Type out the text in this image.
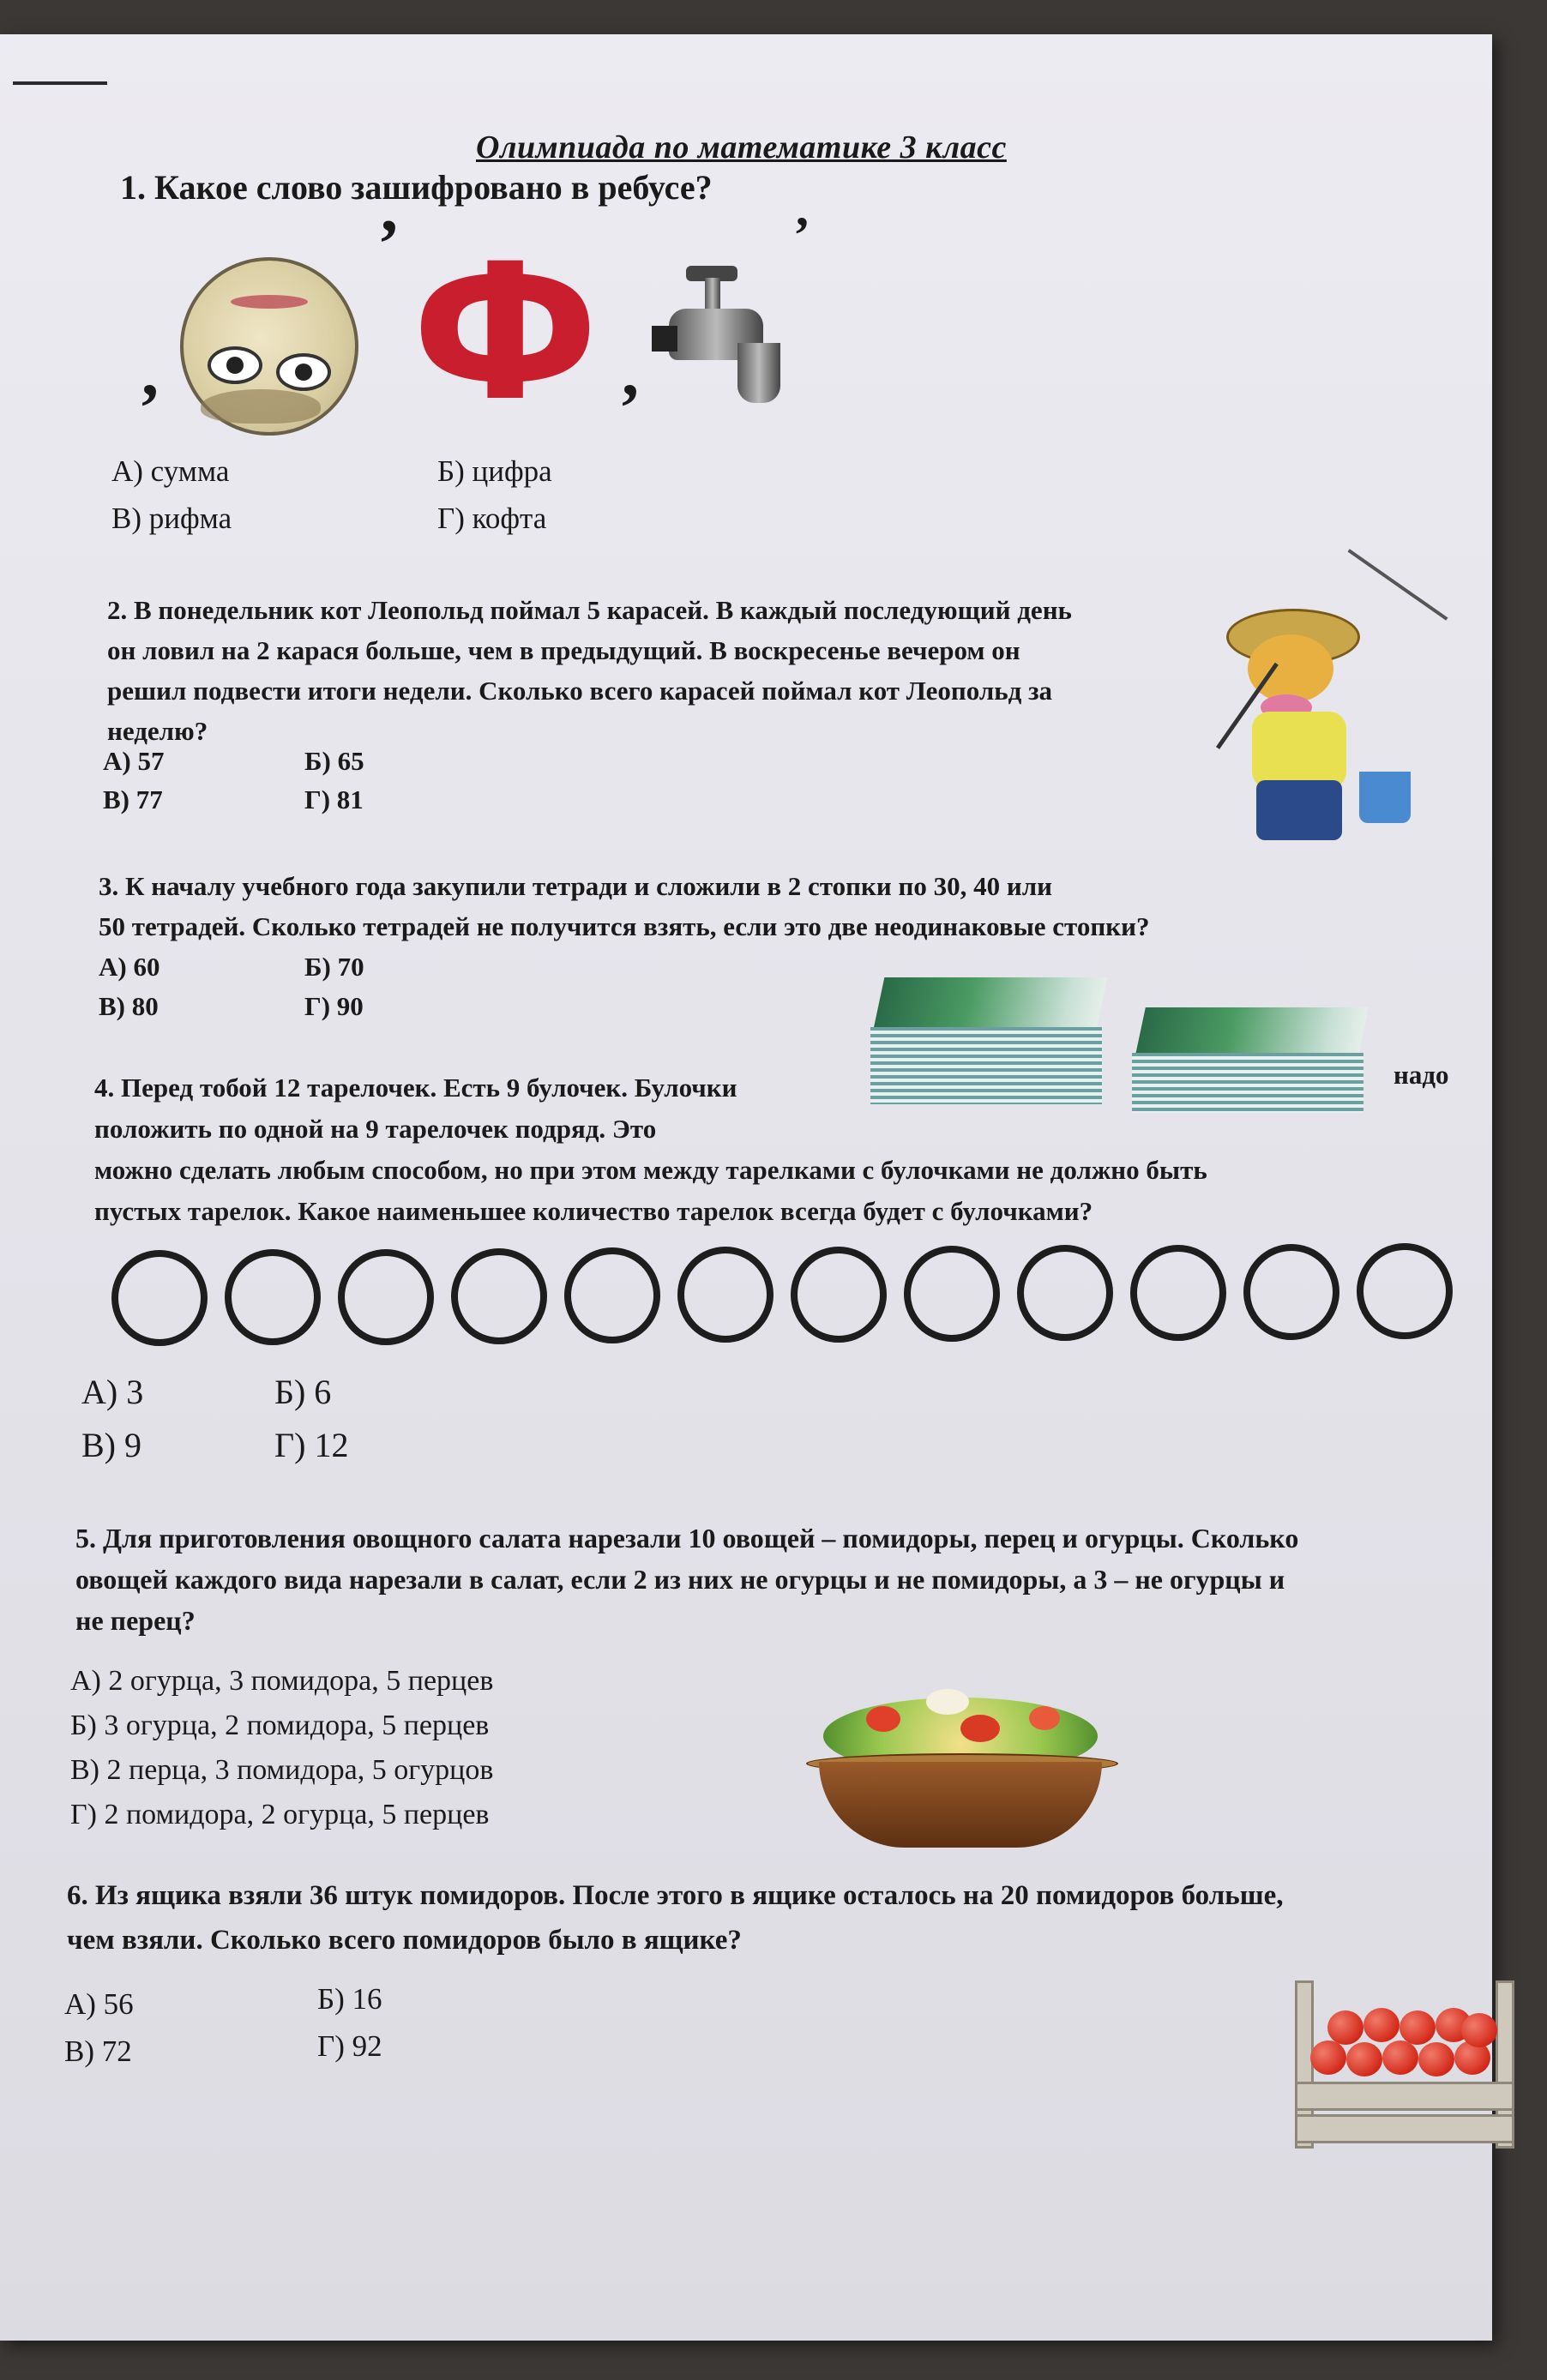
Олимпиада по математике 3 класс
1. Какое слово зашифровано в ребусе?
,
’ Ф ,
’
А) сумма	Б) цифра
В) рифма	Г) кофта
2. В понедельник кот Леопольд поймал 5 карасей. В каждый последующий день
он ловил на 2 карася больше, чем в предыдущий. В воскресенье вечером он
решил подвести итоги недели. Сколько всего карасей поймал кот Леопольд за
неделю?
А) 57	Б) 65
В) 77	Г) 81
3. К началу учебного года закупили тетради и сложили в 2 стопки по 30, 40 или
50 тетрадей. Сколько тетрадей не получится взять, если это две неодинаковые стопки?
А) 60	Б) 70
В) 80	Г) 90
4. Перед тобой 12 тарелочек. Есть 9 булочек. Булочки	надо
положить по одной на 9 тарелочек подряд. Это
можно сделать любым способом, но при этом между тарелками с булочками не должно быть
пустых тарелок. Какое наименьшее количество тарелок всегда будет с булочками?
А) 3	Б) 6
В) 9	Г) 12
5. Для приготовления овощного салата нарезали 10 овощей – помидоры, перец и огурцы. Сколько
овощей каждого вида нарезали в салат, если 2 из них не огурцы и не помидоры, а 3 – не огурцы и
не перец?
А) 2 огурца, 3 помидора, 5 перцев
Б) 3 огурца, 2 помидора, 5 перцев
В) 2 перца, 3 помидора, 5 огурцов
Г) 2 помидора, 2 огурца, 5 перцев
6. Из ящика взяли 36 штук помидоров. После этого в ящике осталось на 20 помидоров больше,
чем взяли. Сколько всего помидоров было в ящике?
А) 56	Б) 16
В) 72	Г) 92
